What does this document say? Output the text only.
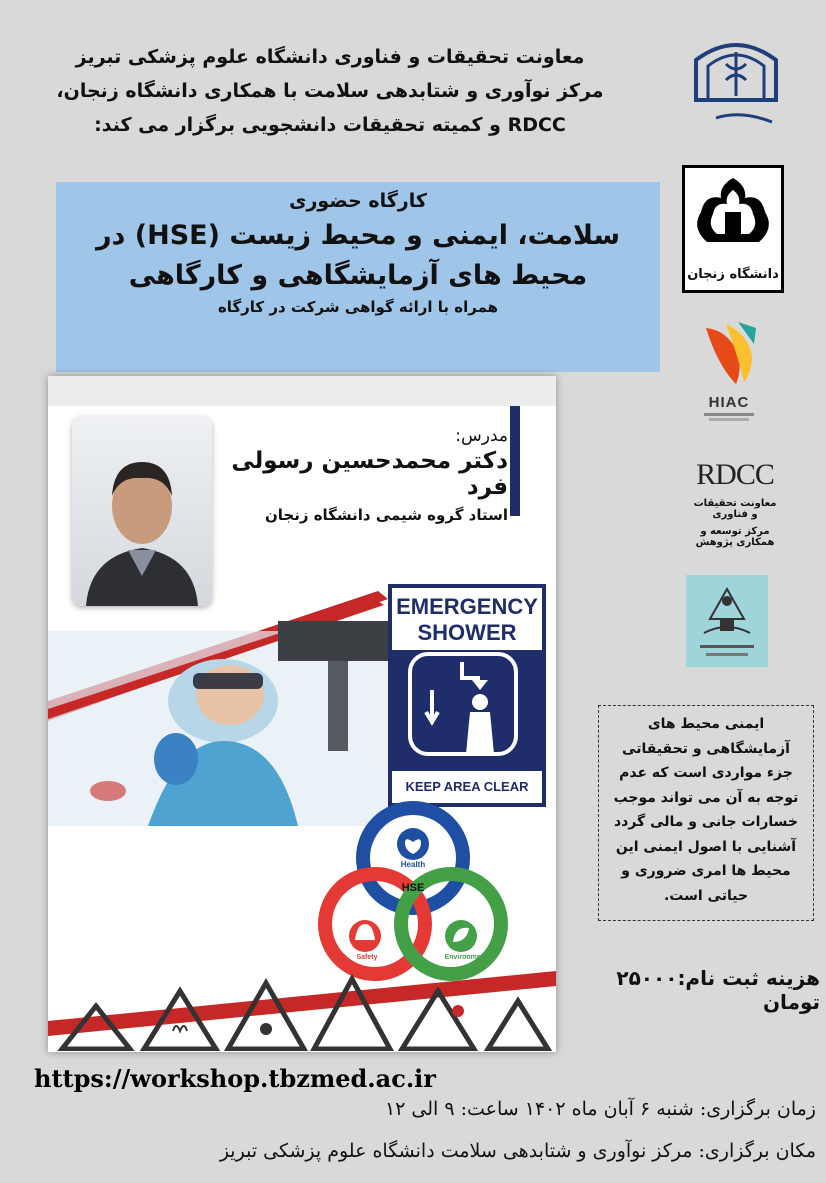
معاونت تحقیقات و فناوری دانشگاه علوم پزشکی تبریز
مرکز نوآوری و شتابدهی سلامت با همکاری دانشگاه زنجان،
RDCC و کمیته تحقیقات دانشجویی برگزار می کند:
کارگاه حضوری
سلامت، ایمنی و محیط زیست (HSE) در محیط های آزمایشگاهی و کارگاهی
همراه با ارائه گواهی شرکت در کارگاه
دانشگاه زنجان
HIAC
RDCC
معاونت تحقیقات و فناوری
مرکز توسعه و همکاری پژوهش
مدرس:
دکتر محمدحسین رسولی فرد
استاد گروه شیمی دانشگاه زنجان
EMERGENCY
SHOWER
KEEP AREA CLEAR
HSE
Health
Safety	Environment
ایمنی محیط های آزمایشگاهی و تحقیقاتی جزء مواردی است که عدم توجه به آن می تواند موجب خسارات جانی و مالی گردد آشنایی با اصول ایمنی این محیط ها امری ضروری و حیاتی است.
هزینه ثبت نام:۲۵۰۰۰ تومان
https://workshop.tbzmed.ac.ir
زمان برگزاری: شنبه ۶ آبان ماه ۱۴۰۲ ساعت: ۹ الی ۱۲
مکان برگزاری: مرکز نوآوری و شتابدهی سلامت دانشگاه علوم پزشکی تبریز
